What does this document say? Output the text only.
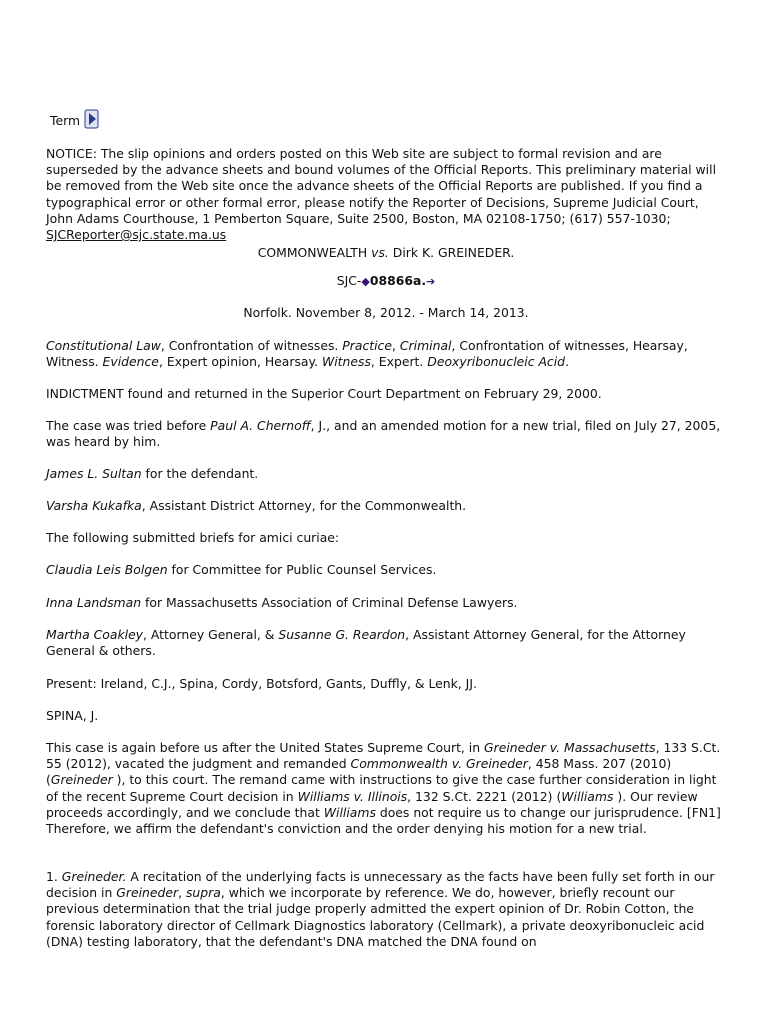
Term

NOTICE: The slip opinions and orders posted on this Web site are subject to formal revision and are superseded by the advance sheets and bound volumes of the Official Reports. This preliminary material will be removed from the Web site once the advance sheets of the Official Reports are published. If you find a typographical error or other formal error, please notify the Reporter of Decisions, Supreme Judicial Court, John Adams Courthouse, 1 Pemberton Square, Suite 2500, Boston, MA 02108-1750; (617) 557-1030; SJCReporter@sjc.state.ma.us

COMMONWEALTH vs. Dirk K. GREINEDER.

SJC-◆08866a.➔

Norfolk. November 8, 2012. - March 14, 2013.

Constitutional Law, Confrontation of witnesses. Practice, Criminal, Confrontation of witnesses, Hearsay, Witness. Evidence, Expert opinion, Hearsay. Witness, Expert. Deoxyribonucleic Acid.

INDICTMENT found and returned in the Superior Court Department on February 29, 2000.

The case was tried before Paul A. Chernoff, J., and an amended motion for a new trial, filed on July 27, 2005, was heard by him.

James L. Sultan for the defendant.

Varsha Kukafka, Assistant District Attorney, for the Commonwealth.

The following submitted briefs for amici curiae:

Claudia Leis Bolgen for Committee for Public Counsel Services.

Inna Landsman for Massachusetts Association of Criminal Defense Lawyers.

Martha Coakley, Attorney General, & Susanne G. Reardon, Assistant Attorney General, for the Attorney General & others.

Present: Ireland, C.J., Spina, Cordy, Botsford, Gants, Duffly, & Lenk, JJ.

SPINA, J.

This case is again before us after the United States Supreme Court, in Greineder v. Massachusetts, 133 S.Ct. 55 (2012), vacated the judgment and remanded Commonwealth v. Greineder, 458 Mass. 207 (2010) (Greineder ), to this court. The remand came with instructions to give the case further consideration in light of the recent Supreme Court decision in Williams v. Illinois, 132 S.Ct. 2221 (2012) (Williams ). Our review proceeds accordingly, and we conclude that Williams does not require us to change our jurisprudence. [FN1] Therefore, we affirm the defendant's conviction and the order denying his motion for a new trial.

1. Greineder. A recitation of the underlying facts is unnecessary as the facts have been fully set forth in our decision in Greineder, supra, which we incorporate by reference. We do, however, briefly recount our previous determination that the trial judge properly admitted the expert opinion of Dr. Robin Cotton, the forensic laboratory director of Cellmark Diagnostics laboratory (Cellmark), a private deoxyribonucleic acid (DNA) testing laboratory, that the defendant's DNA matched the DNA found on
